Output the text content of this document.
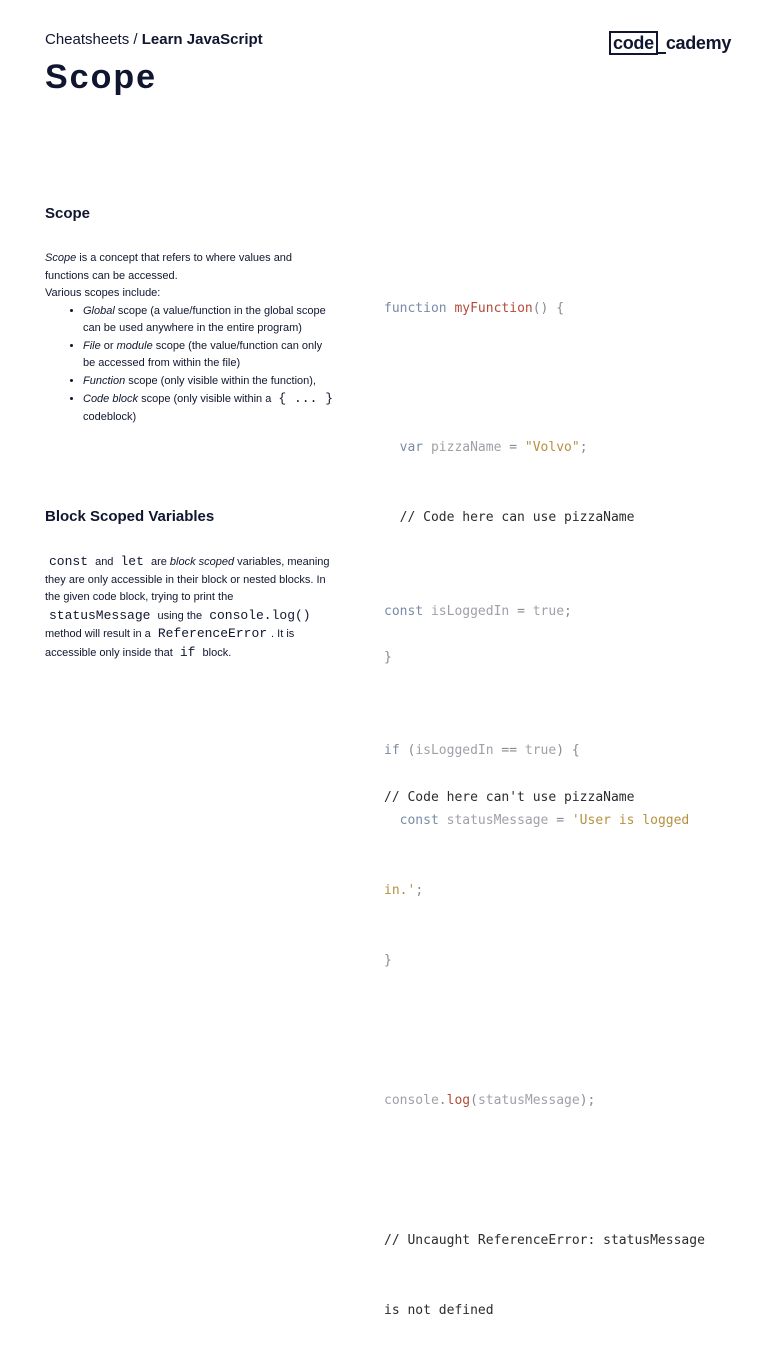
Cheatsheets / Learn JavaScript	code cademy
Scope
Scope

Scope is a concept that refers to where values and functions can be accessed.

Various scopes include:

• Global scope (a value/function in the global scope can be used anywhere in the entire program)
• File or module scope (the value/function can only be accessed from within the file)
• Function scope (only visible within the function),
• Code block scope (only visible within a { ... } codeblock)

function myFunction() {

var pizzaName = "Volvo";

// Code here can use pizzaName

}

// Code here can't use pizzaName

Block Scoped Variables

const and let are block scoped variables, meaning they are only accessible in their block or nested blocks. In the given code block, trying to print the statusMessage using the console.log() method will result in a ReferenceError . It is accessible only inside that if block.

const isLoggedIn = true;

if (isLoggedIn == true) {

const statusMessage = 'User is logged

in.';

}

console.log(statusMessage);

// Uncaught ReferenceError: statusMessage

is not defined
